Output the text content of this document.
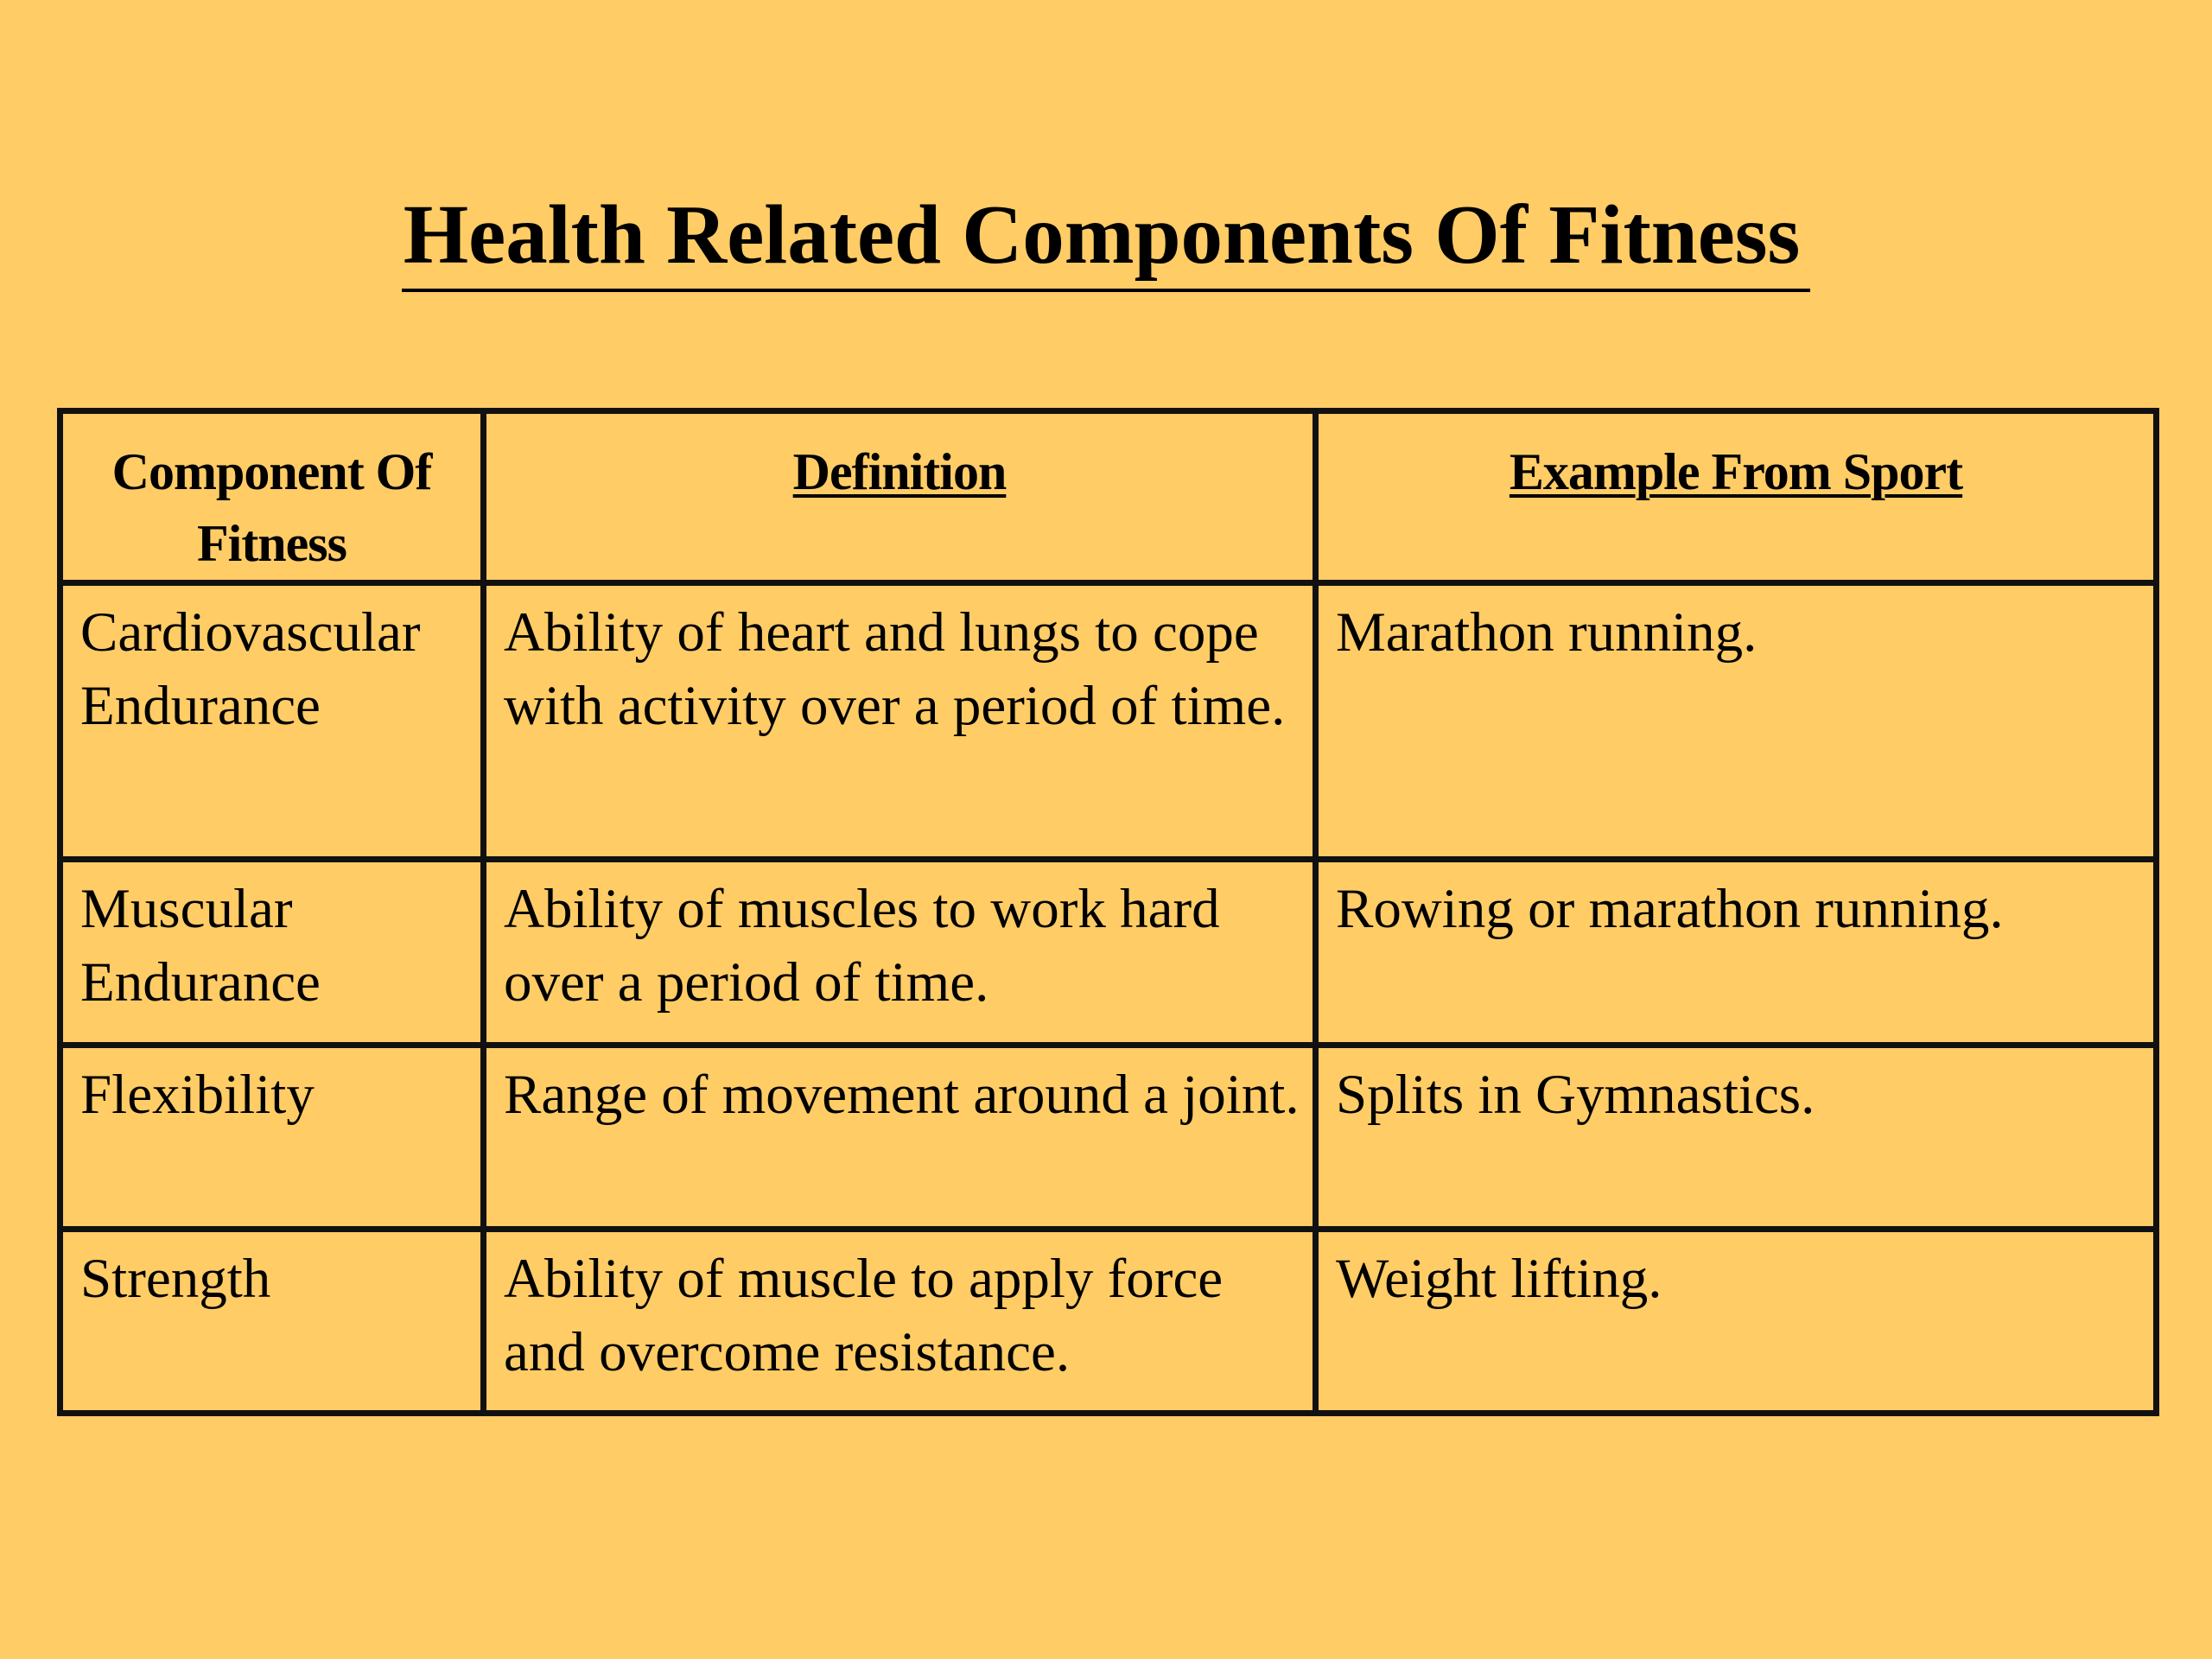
Health Related Components Of Fitness
Component Of Fitness	Definition	Example From Sport
Cardiovascular Endurance	Ability of heart and lungs to cope with activity over a period of time.	Marathon running.
Muscular Endurance	Ability of muscles to work hard over a period of time.	Rowing or marathon running.
Flexibility	Range of movement around a joint.	Splits in Gymnastics.
Strength	Ability of muscle to apply force and overcome resistance.	Weight lifting.
